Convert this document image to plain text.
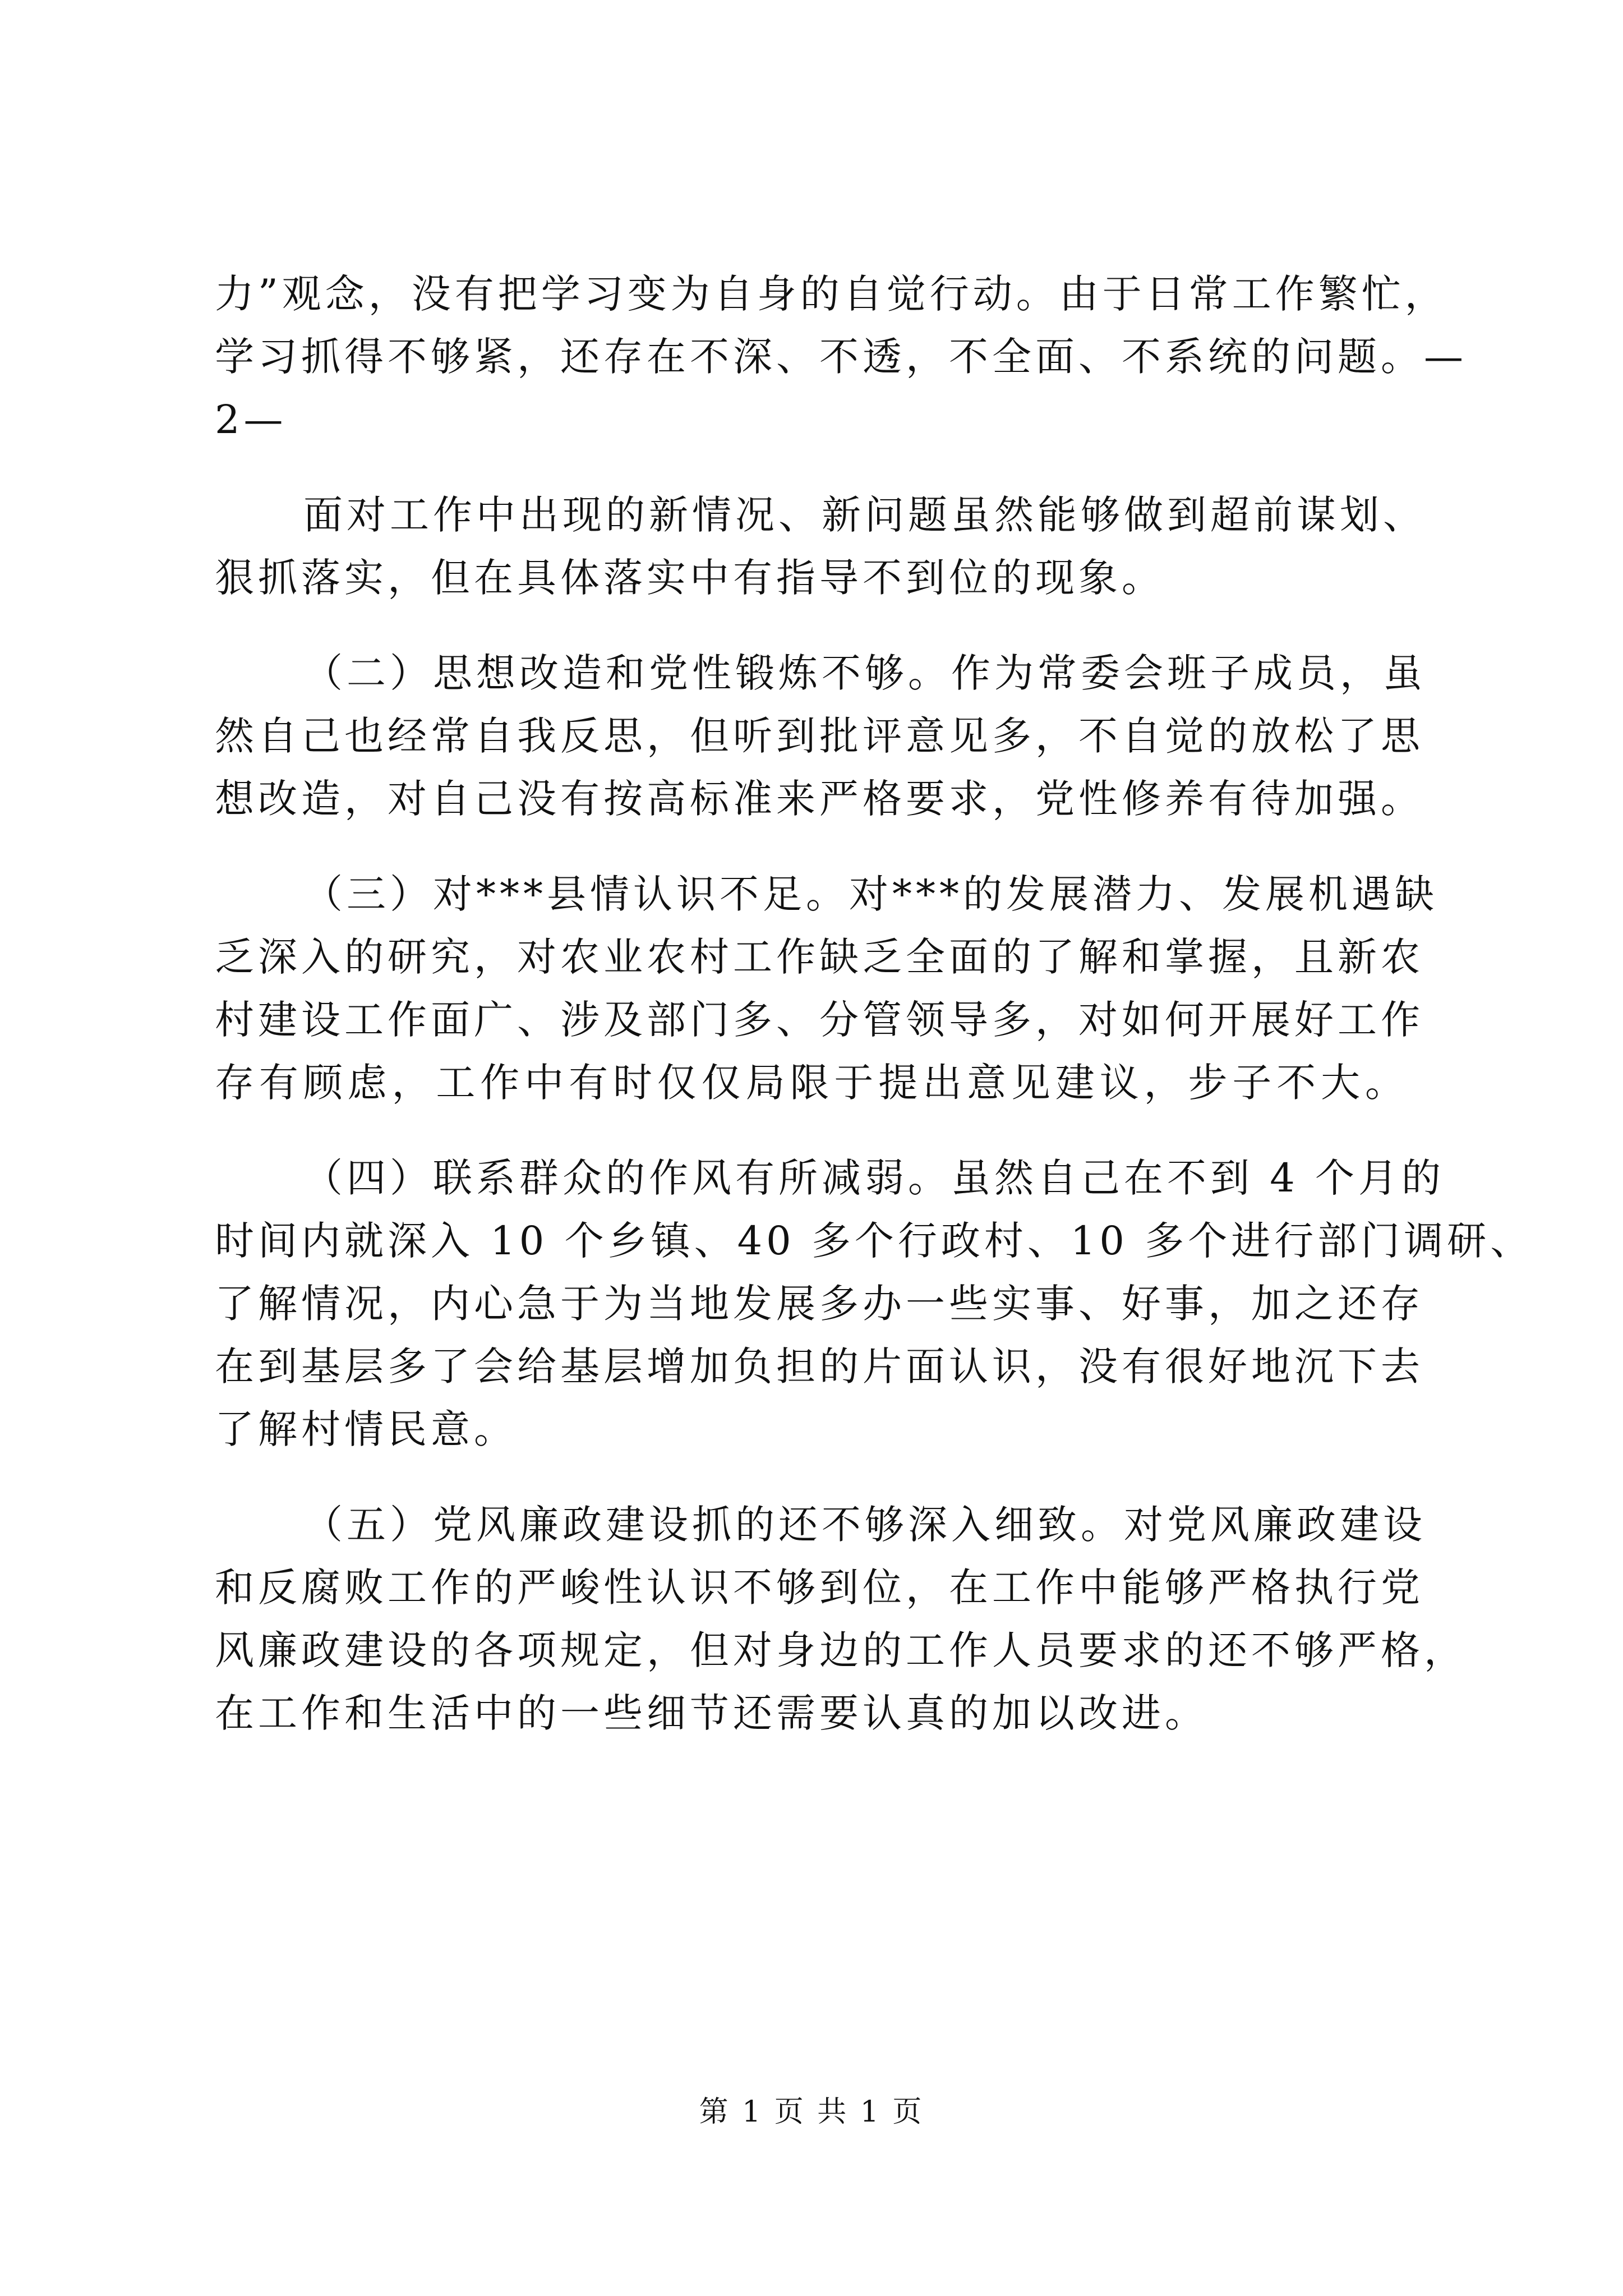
力”观念，没有把学习变为自身的自觉行动。由于日常工作繁忙，
学习抓得不够紧，还存在不深、不透，不全面、不系统的问题。—
2—
面对工作中出现的新情况、新问题虽然能够做到超前谋划、
狠抓落实，但在具体落实中有指导不到位的现象。
（二）思想改造和党性锻炼不够。作为常委会班子成员，虽
然自己也经常自我反思，但听到批评意见多，不自觉的放松了思
想改造，对自己没有按高标准来严格要求，党性修养有待加强。
（三）对***县情认识不足。对***的发展潜力、发展机遇缺
乏深入的研究，对农业农村工作缺乏全面的了解和掌握，且新农
村建设工作面广、涉及部门多、分管领导多，对如何开展好工作
存有顾虑，工作中有时仅仅局限于提出意见建议，步子不大。
（四）联系群众的作风有所减弱。虽然自己在不到 4 个月的
时间内就深入 10 个乡镇、40 多个行政村、10 多个进行部门调研、
了解情况，内心急于为当地发展多办一些实事、好事，加之还存
在到基层多了会给基层增加负担的片面认识，没有很好地沉下去
了解村情民意。
（五）党风廉政建设抓的还不够深入细致。对党风廉政建设
和反腐败工作的严峻性认识不够到位，在工作中能够严格执行党
风廉政建设的各项规定，但对身边的工作人员要求的还不够严格，
在工作和生活中的一些细节还需要认真的加以改进。
第 1 页 共 1 页
